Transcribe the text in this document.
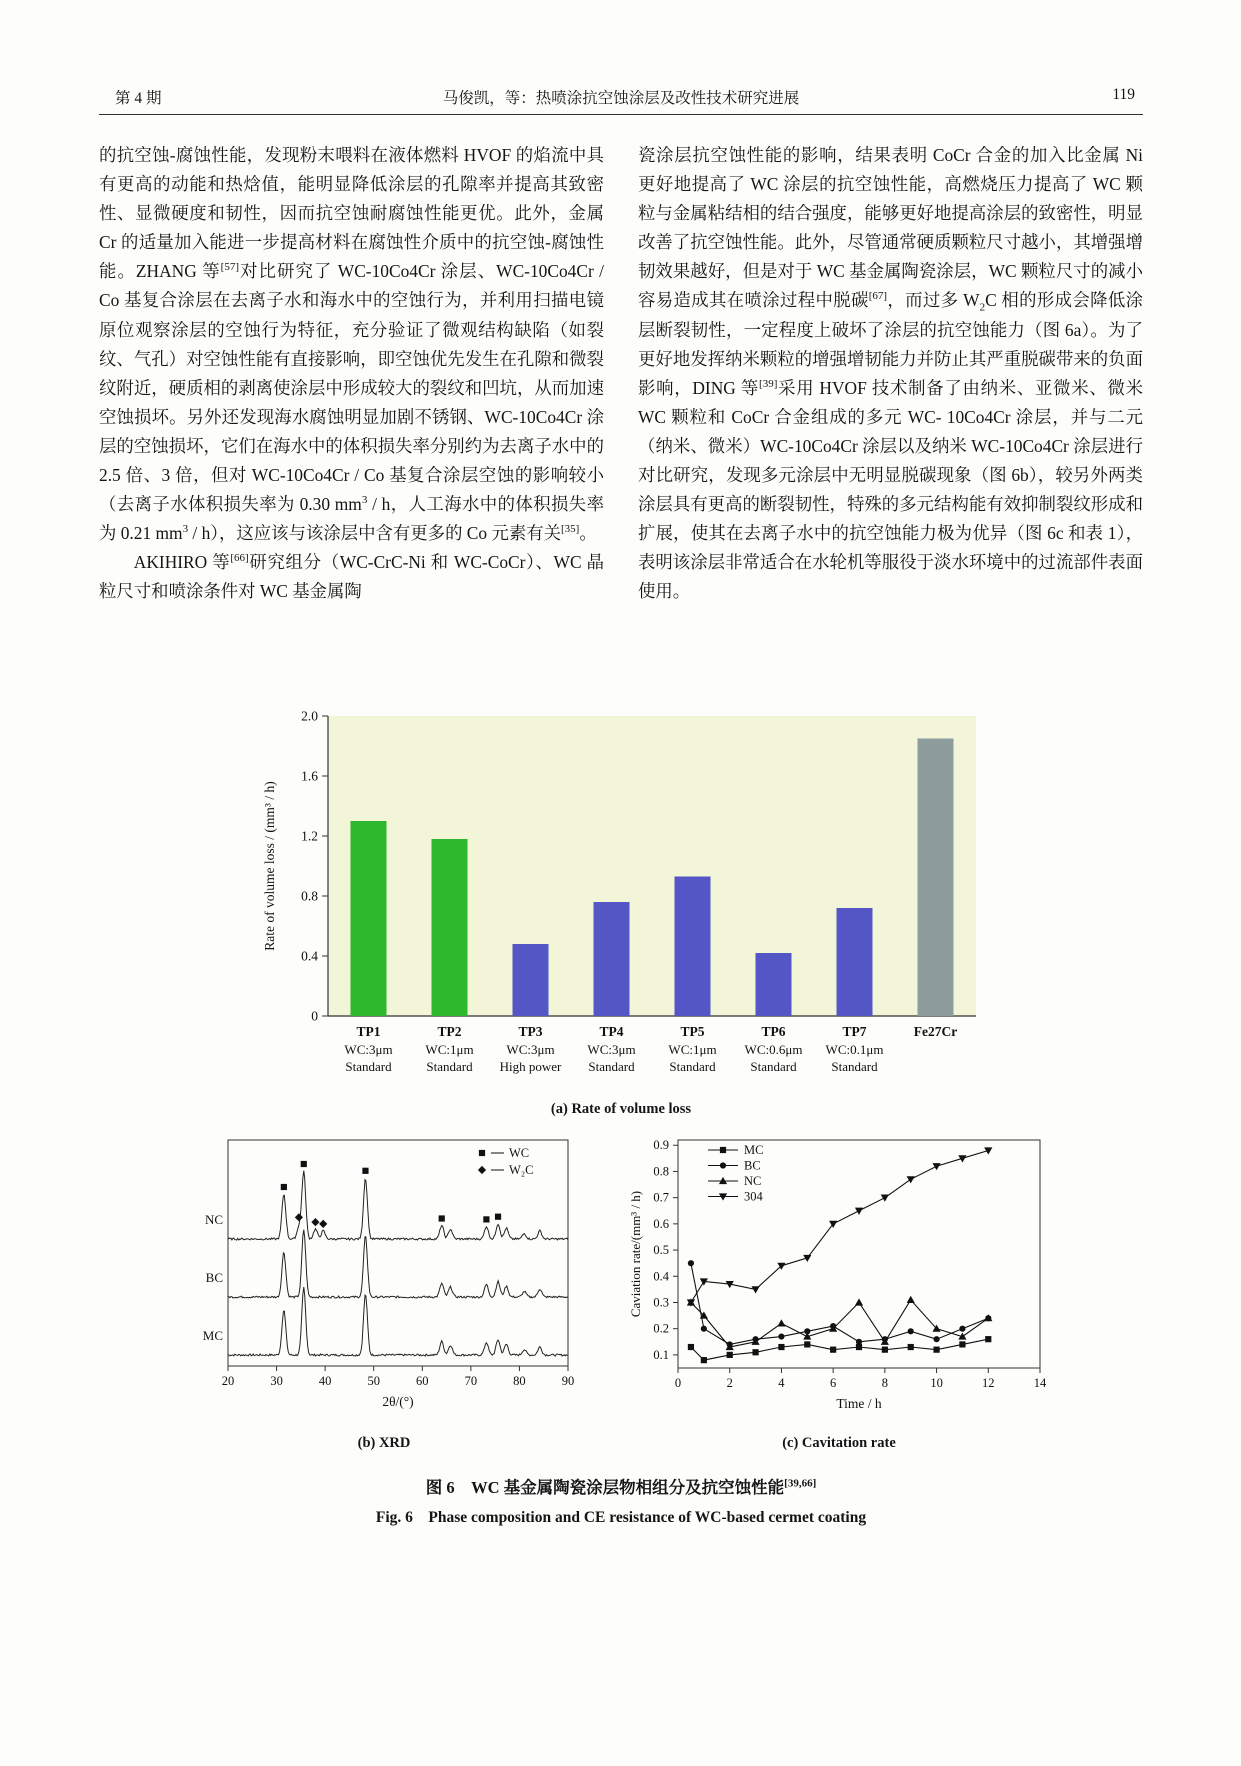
第 4 期	马俊凯，等：热喷涂抗空蚀涂层及改性技术研究进展	119

的抗空蚀-腐蚀性能，发现粉末喂料在液体燃料 HVOF 的焰流中具有更高的动能和热焓值，能明显降低涂层的孔隙率并提高其致密性、显微硬度和韧性，因而抗空蚀耐腐蚀性能更优。此外，金属 Cr 的适量加入能进一步提高材料在腐蚀性介质中的抗空蚀-腐蚀性能。ZHANG 等[57]对比研究了 WC-10Co4Cr 涂层、WC-10Co4Cr / Co 基复合涂层在去离子水和海水中的空蚀行为，并利用扫描电镜原位观察涂层的空蚀行为特征，充分验证了微观结构缺陷（如裂纹、气孔）对空蚀性能有直接影响，即空蚀优先发生在孔隙和微裂纹附近，硬质相的剥离使涂层中形成较大的裂纹和凹坑，从而加速空蚀损坏。另外还发现海水腐蚀明显加剧不锈钢、WC-10Co4Cr 涂层的空蚀损坏，它们在海水中的体积损失率分别约为去离子水中的 2.5 倍、3 倍，但对 WC-10Co4Cr / Co 基复合涂层空蚀的影响较小（去离子水体积损失率为 0.30 $mm^3$ / h，人工海水中的体积损失率为 0.21 $mm^3 / h$），这应该与该涂层中含有更多的 Co 元素有关[35]。

AKIHIRO 等[66]研究组分（WC-CrC-Ni 和 WC-CoCr）、WC 晶粒尺寸和喷涂条件对 WC 基金属陶

瓷涂层抗空蚀性能的影响，结果表明 CoCr 合金的加入比金属 Ni 更好地提高了 WC 涂层的抗空蚀性能，高燃烧压力提高了 WC 颗粒与金属粘结相的结合强度，能够更好地提高涂层的致密性，明显改善了抗空蚀性能。此外，尽管通常硬质颗粒尺寸越小，其增强增韧效果越好，但是对于 WC 基金属陶瓷涂层，WC 颗粒尺寸的减小容易造成其在喷涂过程中脱碳[67]，而过多 $W_2C$ 相的形成会降低涂层断裂韧性，一定程度上破坏了涂层的抗空蚀能力（图 6a）。为了更好地发挥纳米颗粒的增强增韧能力并防止其严重脱碳带来的负面影响，DING 等[39]采用 HVOF 技术制备了由纳米、亚微米、微米 WC 颗粒和 CoCr 合金组成的多元 WC- 10Co4Cr 涂层，并与二元（纳米、微米）WC-10Co4Cr 涂层以及纳米 WC-10Co4Cr 涂层进行对比研究，发现多元涂层中无明显脱碳现象（图 6b），较另外两类涂层具有更高的断裂韧性，特殊的多元结构能有效抑制裂纹形成和扩展，使其在去离子水中的抗空蚀能力极为优异（图 6c 和表 1），表明该涂层非常适合在水轮机等服役于淡水环境中的过流部件表面使用。

0
0.4
0.8
1.2
1.6
2.0
TP1
WC:3μm
Standard
TP2
WC:1μm
Standard
TP3
WC:3μm
High power
TP4
WC:3μm
Standard
TP5
WC:1μm
Standard
TP6
WC:0.6μm
Standard
TP7
WC:0.1μm
Standard
Fe27Cr
Rate of volume loss / (mm³ / h)
(a) Rate of volume loss
20	30	40	50	60	70	80	90
MC
BC
NC
WC
W₂C
2θ/(°)
(b) XRD
0	2	4	6	8	10	12	14
0.1
0.2
0.3
0.4
0.5
0.6
0.7
0.8
0.9	MC
BC
NC
304
Caviation rate/(mm³ / h)
Time / h
(c) Cavitation rate
图 6　WC 基金属陶瓷涂层物相组分及抗空蚀性能[39,66]
Fig. 6　Phase composition and CE resistance of WC-based cermet coating
